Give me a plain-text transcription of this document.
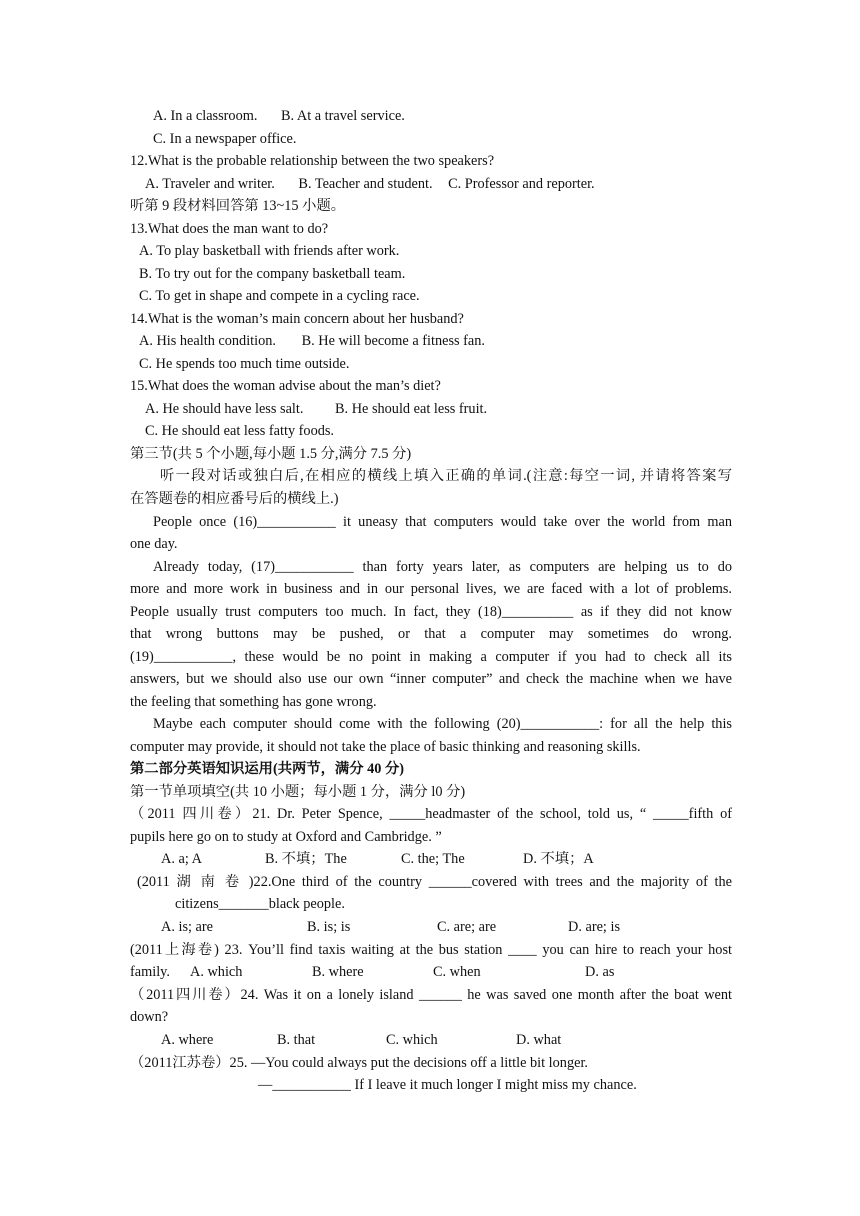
A. In a classroom. B. At a travel service.
C. In a newspaper office.
12.What is the probable relationship between the two speakers?
A. Traveler and writer. B. Teacher and student. C. Professor and reporter.
听第 9 段材料回答第 13~15 小题。
13.What does the man want to do?
A. To play basketball with friends after work.
B. To try out for the company basketball team.
C. To get in shape and compete in a cycling race.
14.What is the woman’s main concern about her husband?
A. His health condition. B. He will become a fitness fan.
C. He spends too much time outside.
15.What does the woman advise about the man’s diet?
A. He should have less salt. B. He should eat less fruit.
C. He should eat less fatty foods.
第三节(共 5 个小题,每小题 1.5 分,满分 7.5 分)
听一段对话或独白后,在相应的横线上填入正确的单词.(注意:每空一词, 并请将答案写
在答题卷的相应番号后的横线上.)
People once (16)___________ it uneasy that computers would take over the world from man
one day.
Already today, (17)___________ than forty years later, as computers are helping us to do
more and more work in business and in our personal lives, we are faced with a lot of problems.
People usually trust computers too much. In fact, they (18)__________ as if they did not know
that wrong buttons may be pushed, or that a computer may sometimes do wrong.
(19)___________, these would be no point in making a computer if you had to check all its
answers, but we should also use our own “inner computer” and check the machine when we have
the feeling that something has gone wrong.
Maybe each computer should come with the following (20)___________: for all the help this
computer may provide, it should not take the place of basic thinking and reasoning skills.
第二部分英语知识运用(共两节，满分 40 分)
第一节单项填空(共 10 小题；每小题 1 分，满分 l0 分)
（2011 四川卷）21. Dr. Peter Spence, _____headmaster of the school, told us, “ _____fifth of
pupils here go on to study at Oxford and Cambridge. ”
A. a; A	B. 不填；The	C. the; The	D. 不填；A
(2011 湖 南 卷 )22.One third of the country ______covered with trees and the majority of the
citizens_______black people.
A. is; are	B. is; is	C. are; are	D. are; is
(2011上海卷) 23. You’ll find taxis waiting at the bus station ____ you can hire to reach your host
family. A. which	B. where	C. when	D. as
（2011四川卷）24. Was it on a lonely island ______ he was saved one month after the boat went
down?
A. where	B. that	C. which	D. what
（2011江苏卷）25. —You could always put the decisions off a little bit longer.
—___________ If I leave it much longer I might miss my chance.
